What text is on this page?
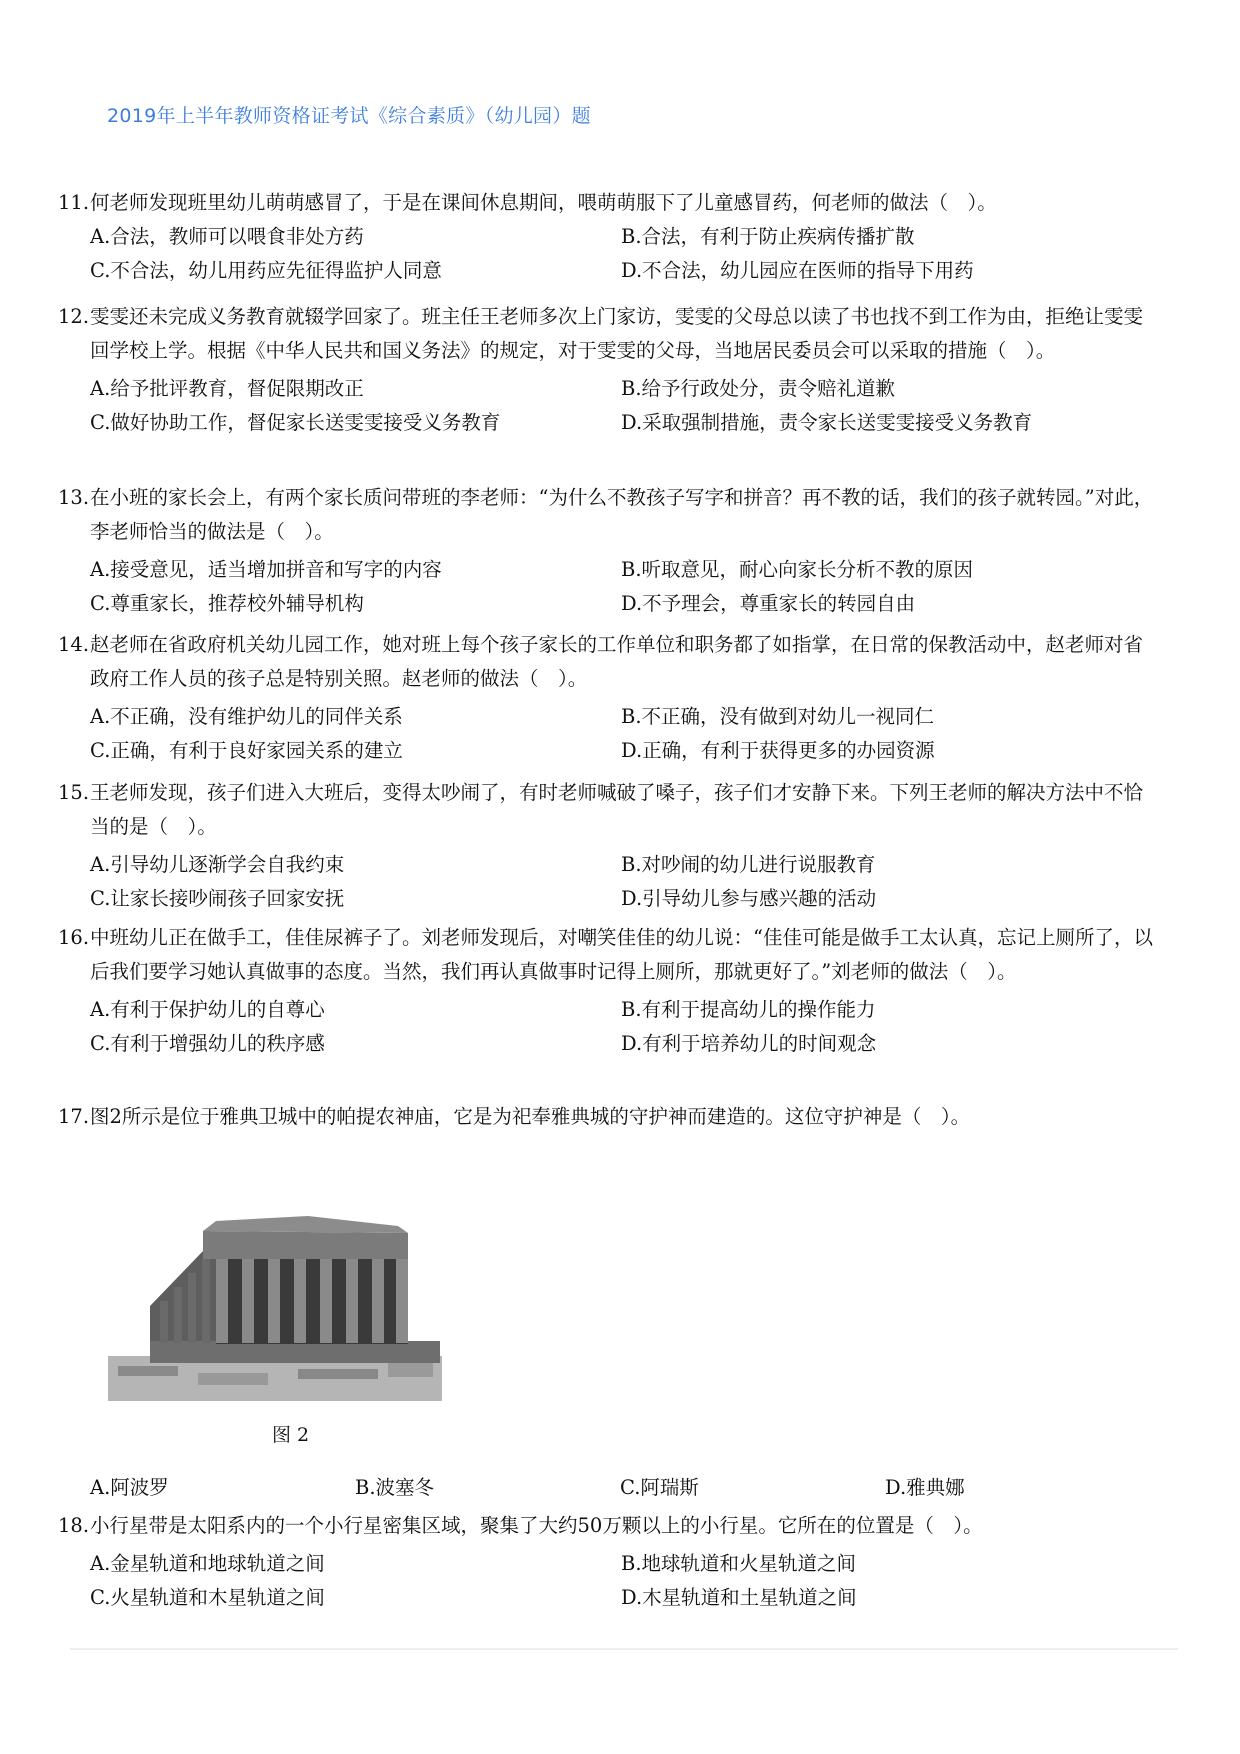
2019年上半年教师资格证考试《综合素质》（幼儿园）题
11. 何老师发现班里幼儿萌萌感冒了，于是在课间休息期间，喂萌萌服下了儿童感冒药，何老师的做法（　）。
A.合法，教师可以喂食非处方药	B.合法，有利于防止疾病传播扩散
C.不合法，幼儿用药应先征得监护人同意	D.不合法，幼儿园应在医师的指导下用药
12. 雯雯还未完成义务教育就辍学回家了。班主任王老师多次上门家访，雯雯的父母总以读了书也找不到工作为由，拒绝让雯雯回学校上学。根据《中华人民共和国义务法》的规定，对于雯雯的父母，当地居民委员会可以采取的措施（　）。
A.给予批评教育，督促限期改正	B.给予行政处分，责令赔礼道歉
C.做好协助工作，督促家长送雯雯接受义务教育	D.采取强制措施，责令家长送雯雯接受义务教育
13. 在小班的家长会上，有两个家长质问带班的李老师：“为什么不教孩子写字和拼音？再不教的话，我们的孩子就转园。”对此，李老师恰当的做法是（　）。
A.接受意见，适当增加拼音和写字的内容	B.听取意见，耐心向家长分析不教的原因
C.尊重家长，推荐校外辅导机构	D.不予理会，尊重家长的转园自由
14. 赵老师在省政府机关幼儿园工作，她对班上每个孩子家长的工作单位和职务都了如指掌，在日常的保教活动中，赵老师对省政府工作人员的孩子总是特别关照。赵老师的做法（　）。
A.不正确，没有维护幼儿的同伴关系	B.不正确，没有做到对幼儿一视同仁
C.正确，有利于良好家园关系的建立	D.正确，有利于获得更多的办园资源
15. 王老师发现，孩子们进入大班后，变得太吵闹了，有时老师喊破了嗓子，孩子们才安静下来。下列王老师的解决方法中不恰当的是（　）。
A.引导幼儿逐渐学会自我约束	B.对吵闹的幼儿进行说服教育
C.让家长接吵闹孩子回家安抚	D.引导幼儿参与感兴趣的活动
16. 中班幼儿正在做手工，佳佳尿裤子了。刘老师发现后，对嘲笑佳佳的幼儿说：“佳佳可能是做手工太认真，忘记上厕所了，以后我们要学习她认真做事的态度。当然，我们再认真做事时记得上厕所，那就更好了。”刘老师的做法（　）。
A.有利于保护幼儿的自尊心	B.有利于提高幼儿的操作能力
C.有利于增强幼儿的秩序感	D.有利于培养幼儿的时间观念
17. 图2所示是位于雅典卫城中的帕提农神庙，它是为祀奉雅典城的守护神而建造的。这位守护神是（　）。
图 2
A.阿波罗	B.波塞冬	C.阿瑞斯	D.雅典娜
18. 小行星带是太阳系内的一个小行星密集区域，聚集了大约50万颗以上的小行星。它所在的位置是（　）。
A.金星轨道和地球轨道之间	B.地球轨道和火星轨道之间
C.火星轨道和木星轨道之间	D.木星轨道和土星轨道之间
